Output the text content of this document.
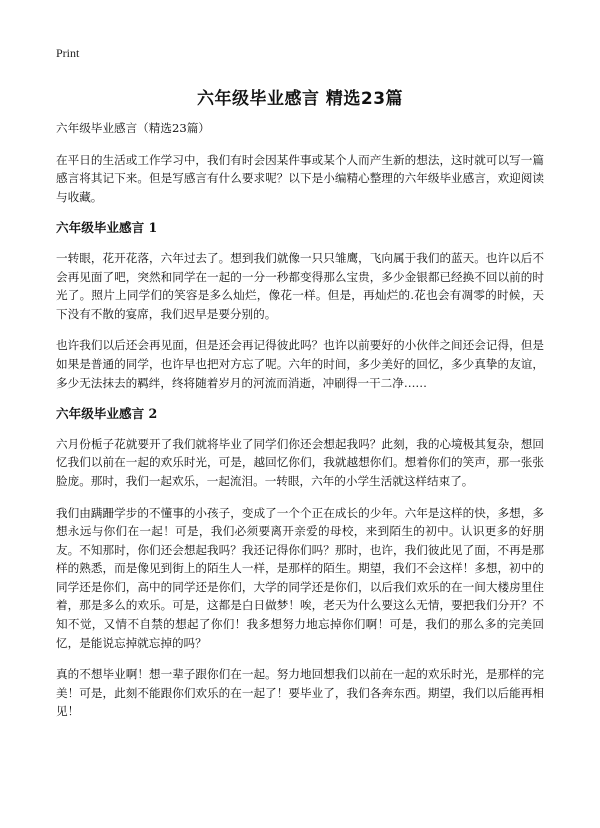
Print
六年级毕业感言 精选23篇

六年级毕业感言（精选23篇）

在平日的生活或工作学习中，我们有时会因某件事或某个人而产生新的想法，这时就可以写一篇感言将其记下来。但是写感言有什么要求呢？以下是小编精心整理的六年级毕业感言，欢迎阅读与收藏。

六年级毕业感言 1

一转眼，花开花落，六年过去了。想到我们就像一只只雏鹰，飞向属于我们的蓝天。也许以后不会再见面了吧，突然和同学在一起的一分一秒都变得那么宝贵，多少金银都已经换不回以前的时光了。照片上同学们的笑容是多么灿烂，像花一样。但是，再灿烂的.花也会有凋零的时候，天下没有不散的宴席，我们迟早是要分别的。

也许我们以后还会再见面，但是还会再记得彼此吗？也许以前要好的小伙伴之间还会记得，但是如果是普通的同学，也许早也把对方忘了呢。六年的时间，多少美好的回忆，多少真挚的友谊，多少无法抹去的羁绊，终将随着岁月的河流而消逝，冲刷得一干二净……

六年级毕业感言 2

六月份栀子花就要开了我们就将毕业了同学们你还会想起我吗？此刻，我的心境极其复杂，想回忆我们以前在一起的欢乐时光，可是，越回忆你们，我就越想你们。想着你们的笑声，那一张张脸庞。那时，我们一起欢乐，一起流泪。一转眼，六年的小学生活就这样结束了。

我们由蹒跚学步的不懂事的小孩子，变成了一个个正在成长的少年。六年是这样的快，多想，多想永远与你们在一起！可是，我们必须要离开亲爱的母校，来到陌生的初中。认识更多的好朋友。不知那时，你们还会想起我吗？我还记得你们吗？那时，也许，我们彼此见了面，不再是那样的熟悉，而是像见到街上的陌生人一样，是那样的陌生。期望，我们不会这样！多想，初中的同学还是你们，高中的同学还是你们，大学的同学还是你们，以后我们欢乐的在一间大楼房里住着，那是多么的欢乐。可是，这都是白日做梦！唉，老天为什么要这么无情，要把我们分开？不知不觉，又情不自禁的想起了你们！我多想努力地忘掉你们啊！可是，我们的那么多的完美回忆，是能说忘掉就忘掉的吗？

真的不想毕业啊！想一辈子跟你们在一起。努力地回想我们以前在一起的欢乐时光，是那样的完美！可是，此刻不能跟你们欢乐的在一起了！要毕业了，我们各奔东西。期望，我们以后能再相见！
